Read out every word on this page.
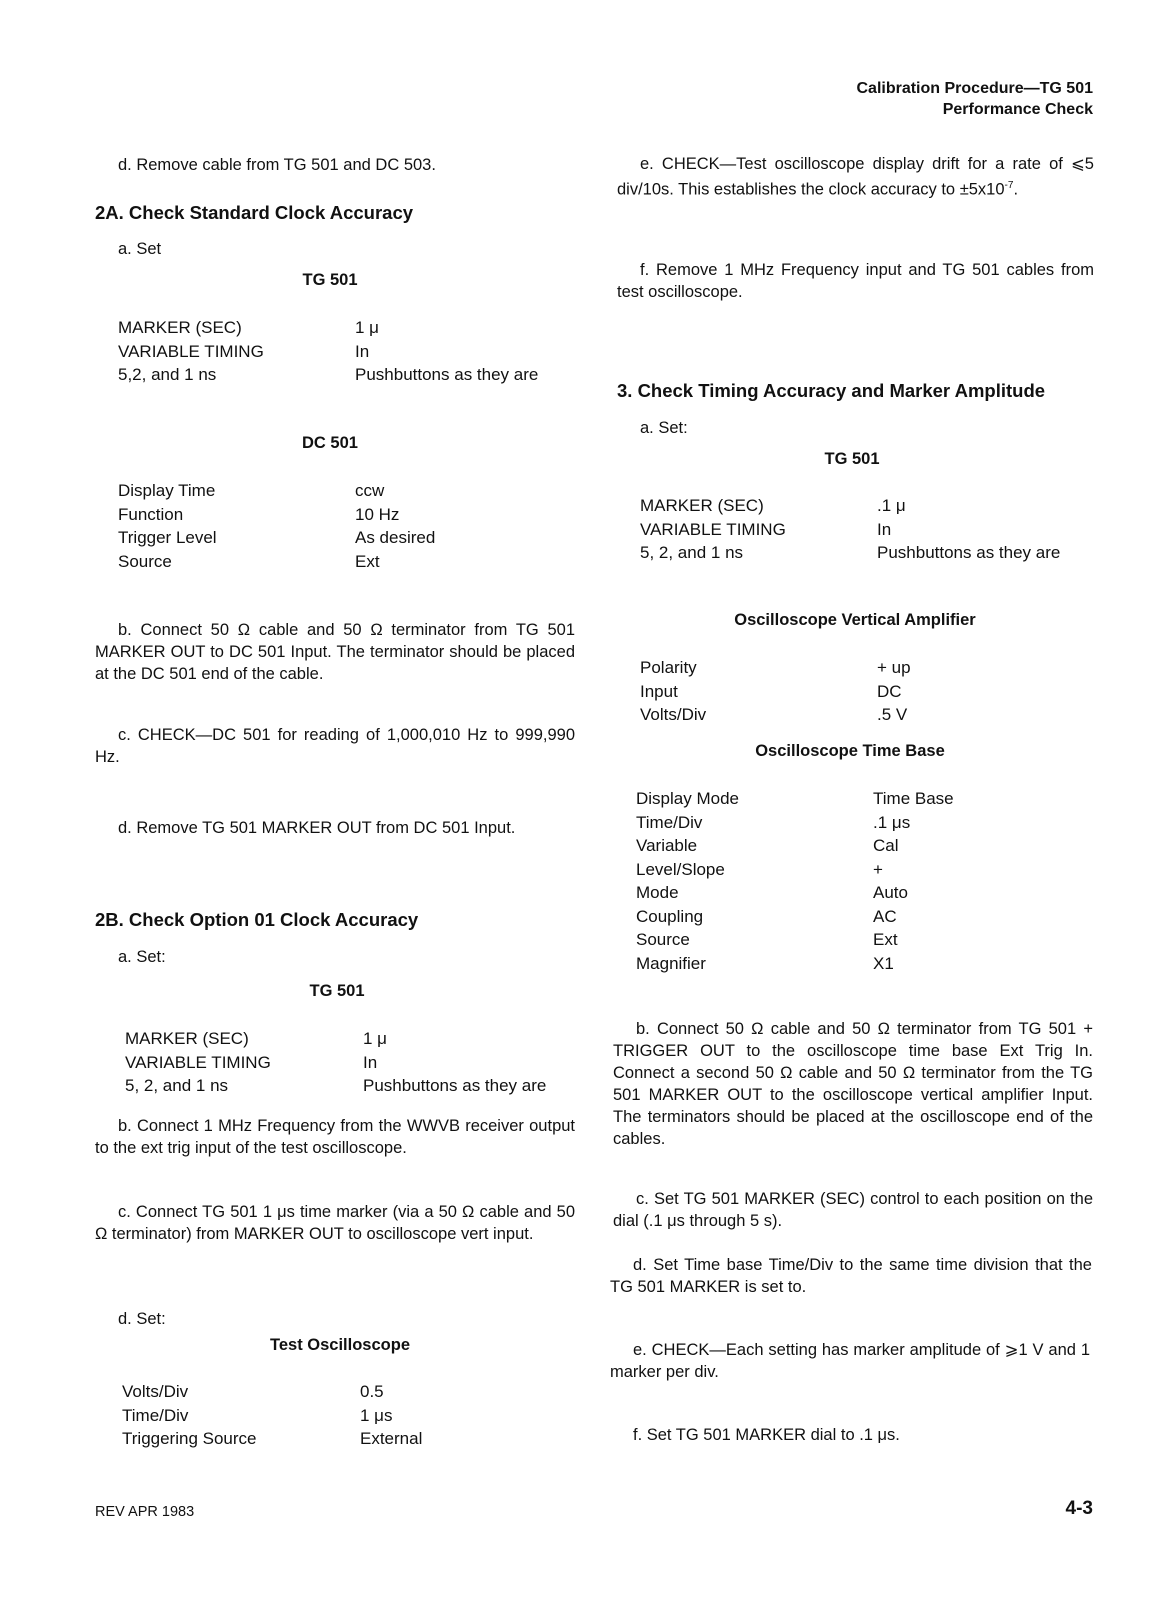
Calibration Procedure—TG 501
Performance Check
d. Remove cable from TG 501 and DC 503.
2A. Check Standard Clock Accuracy
a. Set
TG 501
MARKER (SEC)	1 μ
VARIABLE TIMING	In
5,2, and 1 ns	Pushbuttons as they are
DC 501
Display Time	ccw
Function	10 Hz
Trigger Level	As desired
Source	Ext
b. Connect 50 Ω cable and 50 Ω terminator from TG 501 MARKER OUT to DC 501 Input. The terminator should be placed at the DC 501 end of the cable.
c. CHECK—DC 501 for reading of 1,000,010 Hz to 999,990 Hz.
d. Remove TG 501 MARKER OUT from DC 501 Input.
2B. Check Option 01 Clock Accuracy
a. Set:
TG 501
MARKER (SEC)	1 μ
VARIABLE TIMING	In
5, 2, and 1 ns	Pushbuttons as they are
b. Connect 1 MHz Frequency from the WWVB receiver output to the ext trig input of the test oscilloscope.
c. Connect TG 501 1 μs time marker (via a 50 Ω cable and 50 Ω terminator) from MARKER OUT to oscilloscope vert input.
d. Set:
Test Oscilloscope
Volts/Div	0.5
Time/Div	1 μs
Triggering Source	External
e. CHECK—Test oscilloscope display drift for a rate of ⩽5 div/10s. This establishes the clock accuracy to $\pm 5x10^{-7}$.
f. Remove 1 MHz Frequency input and TG 501 cables from test oscilloscope.
3. Check Timing Accuracy and Marker Amplitude
a. Set:
TG 501
MARKER (SEC)	.1 μ
VARIABLE TIMING	In
5, 2, and 1 ns	Pushbuttons as they are
Oscilloscope Vertical Amplifier
Polarity	+ up
Input	DC
Volts/Div	.5 V
Oscilloscope Time Base
Display Mode	Time Base
Time/Div	.1 μs
Variable	Cal
Level/Slope	+
Mode	Auto
Coupling	AC
Source	Ext
Magnifier	X1
b. Connect 50 Ω cable and 50 Ω terminator from TG 501 + TRIGGER OUT to the oscilloscope time base Ext Trig In. Connect a second 50 Ω cable and 50 Ω terminator from the TG 501 MARKER OUT to the oscilloscope vertical amplifier Input. The terminators should be placed at the oscilloscope end of the cables.
c. Set TG 501 MARKER (SEC) control to each position on the dial (.1 μs through 5 s).
d. Set Time base Time/Div to the same time division that the TG 501 MARKER is set to.
e. CHECK—Each setting has marker amplitude of ⩾1 V and 1 marker per div.
f. Set TG 501 MARKER dial to .1 μs.
REV APR 1983	4-3
